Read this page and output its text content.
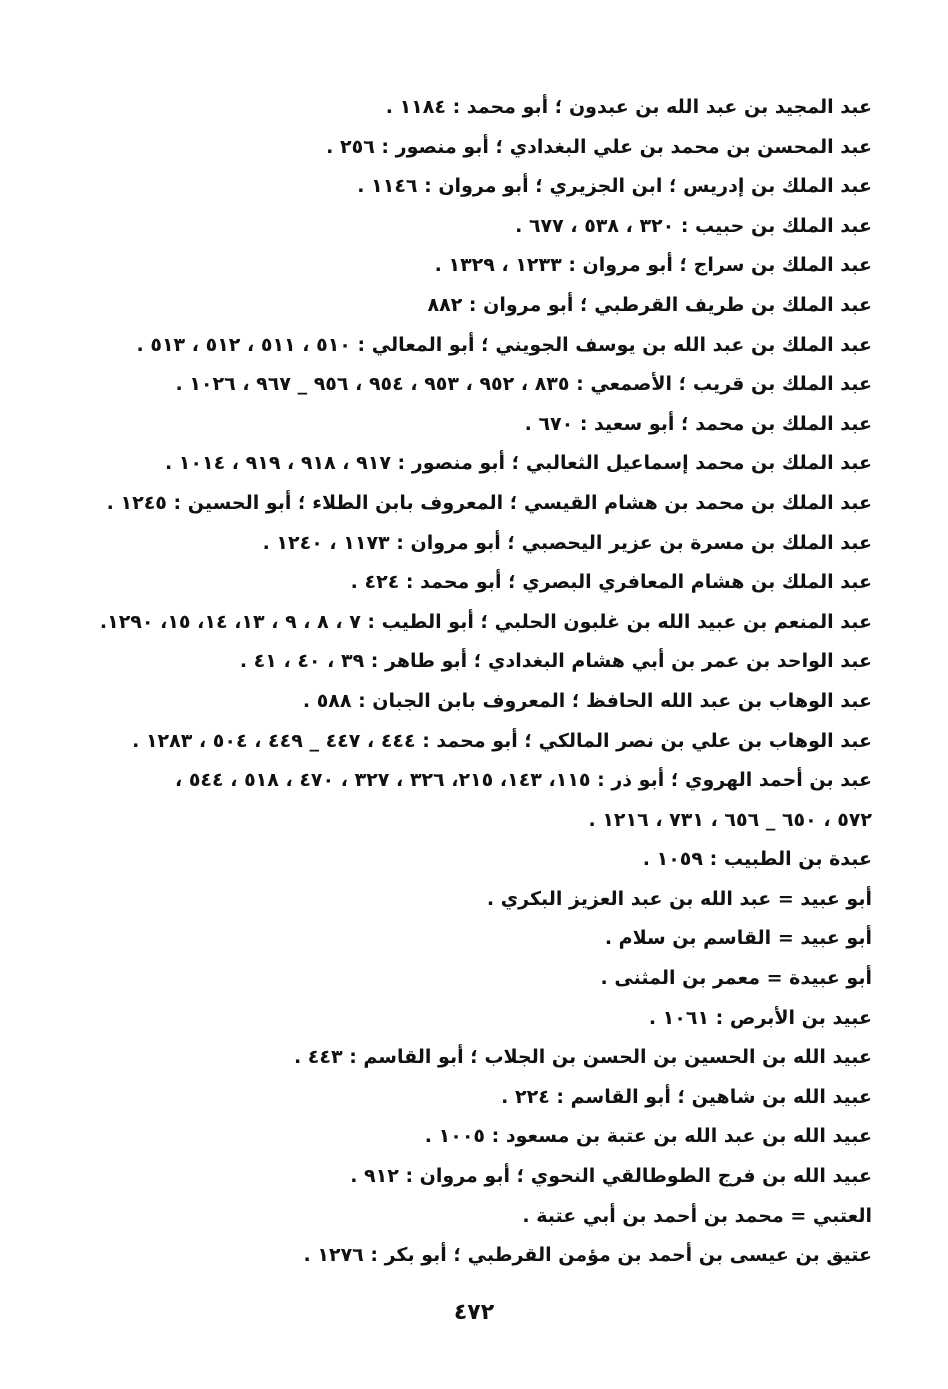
عبد المجيد بن عبد الله بن عبدون ؛ أبو محمد : ١١٨٤ .
عبد المحسن بن محمد بن علي البغدادي ؛ أبو منصور : ٢٥٦ .
عبد الملك بن إدريس ؛ ابن الجزيري ؛ أبو مروان : ١١٤٦ .
عبد الملك بن حبيب : ٣٢٠ ، ٥٣٨ ، ٦٧٧ .
عبد الملك بن سراج ؛ أبو مروان : ١٢٣٣ ، ١٣٢٩ .
عبد الملك بن طريف القرطبي ؛ أبو مروان : ٨٨٢
عبد الملك بن عبد الله بن يوسف الجويني ؛ أبو المعالي : ٥١٠ ، ٥١١ ، ٥١٢ ، ٥١٣ .
عبد الملك بن قريب ؛ الأصمعي : ٨٣٥ ، ٩٥٢ ، ٩٥٣ ، ٩٥٤ ، ٩٥٦ _ ٩٦٧ ، ١٠٢٦ .
عبد الملك بن محمد ؛ أبو سعيد : ٦٧٠ .
عبد الملك بن محمد إسماعيل الثعالبي ؛ أبو منصور : ٩١٧ ، ٩١٨ ، ٩١٩ ، ١٠١٤ .
عبد الملك بن محمد بن هشام القيسي ؛ المعروف بابن الطلاء ؛ أبو الحسين : ١٢٤٥ .
عبد الملك بن مسرة بن عزير اليحصبي ؛ أبو مروان : ١١٧٣ ، ١٢٤٠ .
عبد الملك بن هشام المعافري البصري ؛ أبو محمد : ٤٢٤ .
عبد المنعم بن عبيد الله بن غلبون الحلبي ؛ أبو الطيب : ٧ ، ٨ ، ٩ ، ١٣، ١٤، ١٥، ١٢٩٠.
عبد الواحد بن عمر بن أبي هشام البغدادي ؛ أبو طاهر : ٣٩ ، ٤٠ ، ٤١ .
عبد الوهاب بن عبد الله الحافظ ؛ المعروف بابن الجبان : ٥٨٨ .
عبد الوهاب بن علي بن نصر المالكي ؛ أبو محمد : ٤٤٤ ، ٤٤٧ _ ٤٤٩ ، ٥٠٤ ، ١٢٨٣ .
عبد بن أحمد الهروي ؛ أبو ذر : ١١٥، ١٤٣، ٢١٥، ٣٢٦ ، ٣٢٧ ، ٤٧٠ ، ٥١٨ ، ٥٤٤ ،
٥٧٢ ، ٦٥٠ _ ٦٥٦ ، ٧٣١ ، ١٢١٦ .
عبدة بن الطبيب : ١٠٥٩ .
أبو عبيد = عبد الله بن عبد العزيز البكري .
أبو عبيد = القاسم بن سلام .
أبو عبيدة = معمر بن المثنى .
عبيد بن الأبرص : ١٠٦١ .
عبيد الله بن الحسين بن الحسن بن الجلاب ؛ أبو القاسم : ٤٤٣ .
عبيد الله بن شاهين ؛ أبو القاسم : ٢٢٤ .
عبيد الله بن عبد الله بن عتبة بن مسعود : ١٠٠٥ .
عبيد الله بن فرج الطوطالقي النحوي ؛ أبو مروان : ٩١٢ .
العتبي = محمد بن أحمد بن أبي عتبة .
عتيق بن عيسى بن أحمد بن مؤمن القرطبي ؛ أبو بكر : ١٢٧٦ .
٤٧٢
